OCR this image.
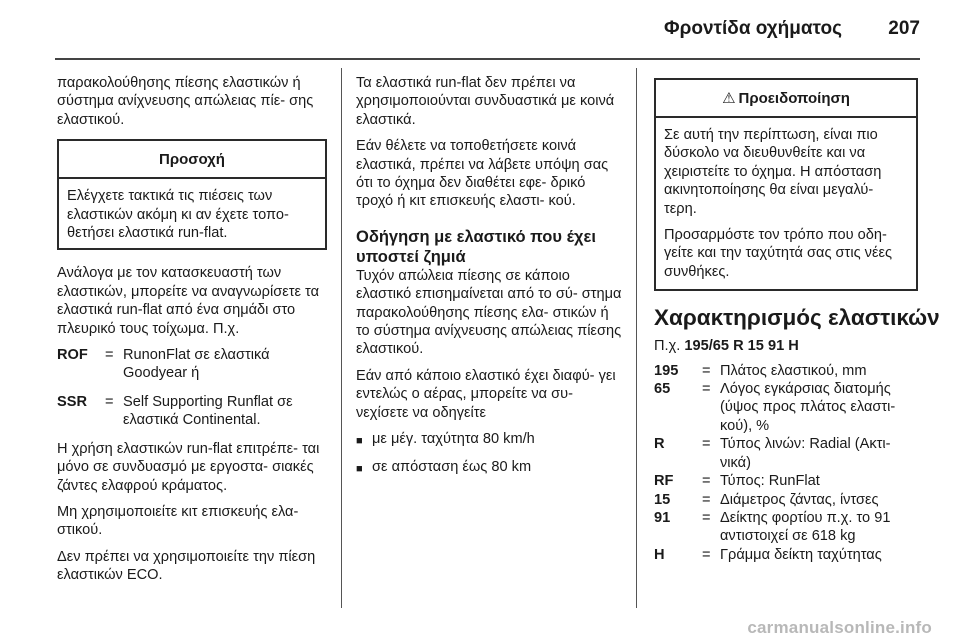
Φροντίδα οχήματος 207
παρακολούθησης πίεσης ελαστικών ή σύστημα ανίχνευσης απώλειας πίε- σης ελαστικού.
Προσοχή
Ελέγχετε τακτικά τις πιέσεις των ελαστικών ακόμη κι αν έχετε τοπο- θετήσει ελαστικά run-flat.
Ανάλογα με τον κατασκευαστή των ελαστικών, μπορείτε να αναγνωρίσετε τα ελαστικά run-flat από ένα σημάδι στο πλευρικό τους τοίχωμα. Π.χ.
ROF	= RunonFlat σε ελαστικά Goodyear ή
SSR	= Self Supporting Runflat σε ελαστικά Continental.
Η χρήση ελαστικών run-flat επιτρέπε- ται μόνο σε συνδυασμό με εργοστα- σιακές ζάντες ελαφρού κράματος.
Μη χρησιμοποιείτε κιτ επισκευής ελα- στικού.
Δεν πρέπει να χρησιμοποιείτε την πίεση ελαστικών ECO.
Τα ελαστικά run-flat δεν πρέπει να χρησιμοποιούνται συνδυαστικά με κοινά ελαστικά.
Εάν θέλετε να τοποθετήσετε κοινά ελαστικά, πρέπει να λάβετε υπόψη σας ότι το όχημα δεν διαθέτει εφε- δρικό τροχό ή κιτ επισκευής ελαστι- κού.
Οδήγηση με ελαστικό που έχει υποστεί ζημιά
Τυχόν απώλεια πίεσης σε κάποιο ελαστικό επισημαίνεται από το σύ- στημα παρακολούθησης πίεσης ελα- στικών ή το σύστημα ανίχνευσης απώλειας πίεσης ελαστικού.
Εάν από κάποιο ελαστικό έχει διαφύ- γει εντελώς ο αέρας, μπορείτε να συ- νεχίσετε να οδηγείτε
■ με μέγ. ταχύτητα 80 km/h
■ σε απόσταση έως 80 km
⚠ Προειδοποίηση
Σε αυτή την περίπτωση, είναι πιο δύσκολο να διευθυνθείτε και να χειριστείτε το όχημα. Η απόσταση ακινητοποίησης θα είναι μεγαλύ- τερη.
Προσαρμόστε τον τρόπο που οδη- γείτε και την ταχύτητά σας στις νέες συνθήκες.
Χαρακτηρισμός ελαστικών
Π.χ. 195/65 R 15 91 H
195	= Πλάτος ελαστικού, mm
65	= Λόγος εγκάρσιας διατομής (ύψος προς πλάτος ελαστι- κού), %
R	= Τύπος λινών: Radial (Ακτι- νικά)
RF	= Τύπος: RunFlat
15	= Διάμετρος ζάντας, ίντσες
91	= Δείκτης φορτίου π.χ. το 91 αντιστοιχεί σε 618 kg
H	= Γράμμα δείκτη ταχύτητας
carmanualsonline.info
